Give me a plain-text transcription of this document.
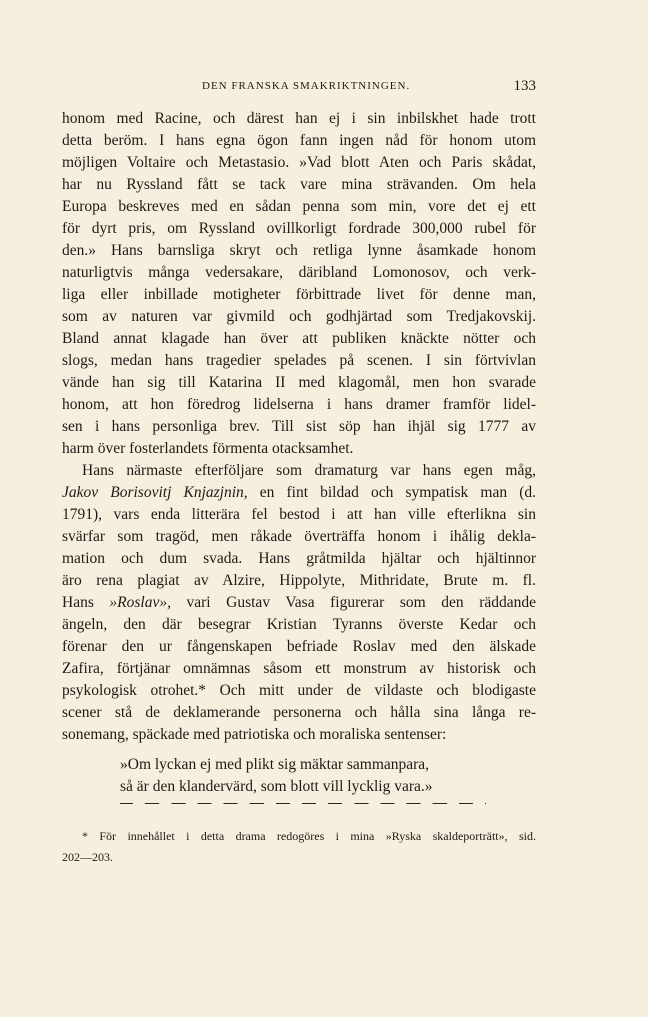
DEN FRANSKA SMAKRIKTNINGEN.	133
honom med Racine, och därest han ej i sin inbilskhet hade trott
detta beröm. I hans egna ögon fann ingen nåd för honom utom
möjligen Voltaire och Metastasio. »Vad blott Aten och Paris skådat,
har nu Ryssland fått se tack vare mina strävanden. Om hela
Europa beskreves med en sådan penna som min, vore det ej ett
för dyrt pris, om Ryssland ovillkorligt fordrade 300,000 rubel för
den.» Hans barnsliga skryt och retliga lynne åsamkade honom
naturligtvis många vedersakare, däribland Lomonosov, och verk-
liga eller inbillade motigheter förbittrade livet för denne man,
som av naturen var givmild och godhjärtad som Tredjakovskij.
Bland annat klagade han över att publiken knäckte nötter och
slogs, medan hans tragedier spelades på scenen. I sin förtvivlan
vände han sig till Katarina II med klagomål, men hon svarade
honom, att hon föredrog lidelserna i hans dramer framför lidel-
sen i hans personliga brev. Till sist söp han ihjäl sig 1777 av
harm över fosterlandets förmenta otacksamhet.
Hans närmaste efterföljare som dramaturg var hans egen måg,
Jakov Borisovitj Knjazjnin, en fint bildad och sympatisk man (d.
1791), vars enda litterära fel bestod i att han ville efterlikna sin
svärfar som tragöd, men råkade överträffa honom i ihålig dekla-
mation och dum svada. Hans gråtmilda hjältar och hjältinnor
äro rena plagiat av Alzire, Hippolyte, Mithridate, Brute m. fl.
Hans »Roslav», vari Gustav Vasa figurerar som den räddande
ängeln, den där besegrar Kristian Tyranns överste Kedar och
förenar den ur fångenskapen befriade Roslav med den älskade
Zafira, förtjänar omnämnas såsom ett monstrum av historisk och
psykologisk otrohet.* Och mitt under de vildaste och blodigaste
scener stå de deklamerande personerna och hålla sina långa re-
sonemang, späckade med patriotiska och moraliska sentenser:
»Om lyckan ej med plikt sig mäktar sammanpara,
så är den klandervärd, som blott vill lycklig vara.»
* För innehållet i detta drama redogöres i mina »Ryska skaldeporträtt», sid.
202—203.
